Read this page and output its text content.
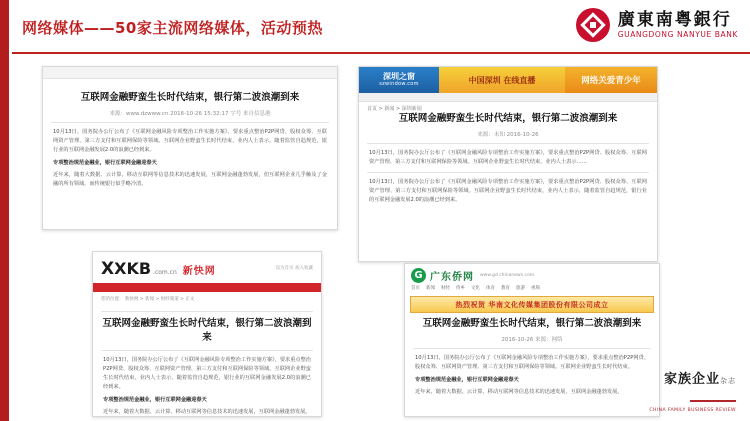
网络媒体——50家主流网络媒体，活动预热	廣東南粤銀行
GUANGDONG NANYUE BANK
互联网金融野蛮生长时代结束，银行第二波浪潮到来
来源：www.dzwww.cn 2016-10-26 15:32:17 字号 来自信息港
10月13日，国务院办公厅公布了《互联网金融风险专项整治工作实施方案》，要求重点整治P2P网贷、股权众筹、互联网资产管理、第三方支付和互联网保险等领域。互联网企业野蛮生长时代结束，业内人士表示，随着监管自趋规范，银行业的互联网金融发展2.0的浪潮已经到来。
专项整治规范金融业，银行互联网金融迎春天
近年来，随着大数据、云计算、移动互联网等信息技术的迅速发展，互联网金融蓬勃发展，但互联网企业几乎触及了金融的所有领域，而传统银行似乎略冷清。
深圳之窗
szwindow.com	中国深圳 在线直播	网络关爱青少年
首页 > 新闻 > 深圳新闻
互联网金融野蛮生长时代结束，银行第二波浪潮到来
来源：未知 2016-10-26
10月13日，国务院办公厅公布了《互联网金融风险专项整治工作实施方案》，要求重点整治P2P网贷、股权众筹、互联网资产管理、第三方支付和互联网保险等领域。互联网企业野蛮生长时代结束，业内人士表示……
10月13日，国务院办公厅公布了《互联网金融风险专项整治工作实施方案》，要求重点整治P2P网贷、股权众筹、互联网资产管理、第三方支付和互联网保险等领域。互联网企业野蛮生长时代结束，业内人士表示，随着监管自趋规范，银行业的互联网金融发展2.0的浪潮已经到来。
X XKB .com.cn 新快网	设为首页 加入收藏
您的位置： 新快网 > 新闻 > 财经频道 > 正文
互联网金融野蛮生长时代结束，银行第二波浪潮到来
10月13日，国务院办公厅公布了《互联网金融风险专项整治工作实施方案》，要求重点整治P2P网贷、股权众筹、互联网资产管理、第三方支付和互联网保险等领域。互联网企业野蛮生长时代结束，业内人士表示，随着监管自趋规范，银行业的互联网金融发展2.0的浪潮已经到来。
专项整治规范金融业，银行互联网金融迎春天
近年来，随着大数据、云计算、移动互联网等信息技术的迅速发展，互联网金融蓬勃发展。
G 广东侨网 www.gd.chinanews.com
首页 新闻 财经 侨乡 文化 体育 教育 旅游 视频
热烈祝贺 华南文化传媒集团股份有限公司成立
互联网金融野蛮生长时代结束，银行第二波浪潮到来
2016-10-26 来源：网络
10月13日，国务院办公厅公布了《互联网金融风险专项整治工作实施方案》，要求重点整治P2P网贷、股权众筹、互联网资产管理、第三方支付和互联网保险等领域。互联网企业野蛮生长时代结束。
专项整治规范金融业，银行互联网金融迎春天
近年来，随着大数据、云计算、移动互联网等信息技术的迅速发展，互联网金融蓬勃发展。
家族企业杂志
CHINA FAMILY BUSINESS REVIEW
